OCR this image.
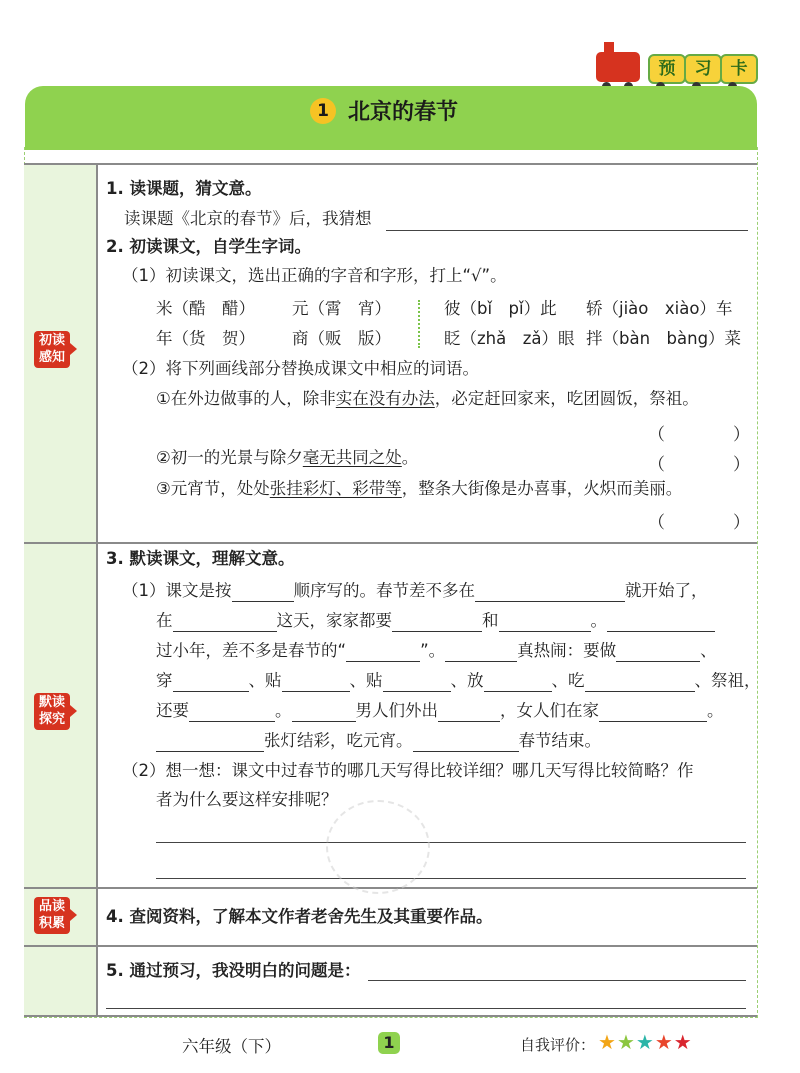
预	习	卡
1 北京的春节
初读
感知
默读
探究
品读
积累
1. 读课题，猜文意。
读课题《北京的春节》后，我猜想
2. 初读课文，自学生字词。
（1）初读课文，选出正确的字音和字形，打上“√”。
米（酷　醋） 元（霄　宵）	彼（bǐ　pǐ）此 轿（jiào　xiào）车
年（货　贺） 商（贩　版）	眨（zhǎ　zǎ）眼 拌（bàn　bàng）菜
（2）将下列画线部分替换成课文中相应的词语。
①在外边做事的人，除非实在没有办法，必定赶回家来，吃团圆饭，祭祖。
（　　　　）
②初一的光景与除夕毫无共同之处。	（　　　　）
③元宵节，处处张挂彩灯、彩带等，整条大街像是办喜事，火炽而美丽。
（　　　　）
3. 默读课文，理解文意。
（1）课文是按	顺序写的。春节差不多在	就开始了，
在	这天，家家都要	和	。
过小年，差不多是春节的“	”。	真热闹：要做	、
穿	、贴	、贴	、放	、吃	、祭祖，
还要	。	男人们外出	，女人们在家	。
张灯结彩，吃元宵。	春节结束。
（2）想一想：课文中过春节的哪几天写得比较详细？哪几天写得比较简略？作
者为什么要这样安排呢？
4. 查阅资料，了解本文作者老舍先生及其重要作品。
5. 通过预习，我没明白的问题是：
六年级（下）	1	自我评价： ★★★★★
